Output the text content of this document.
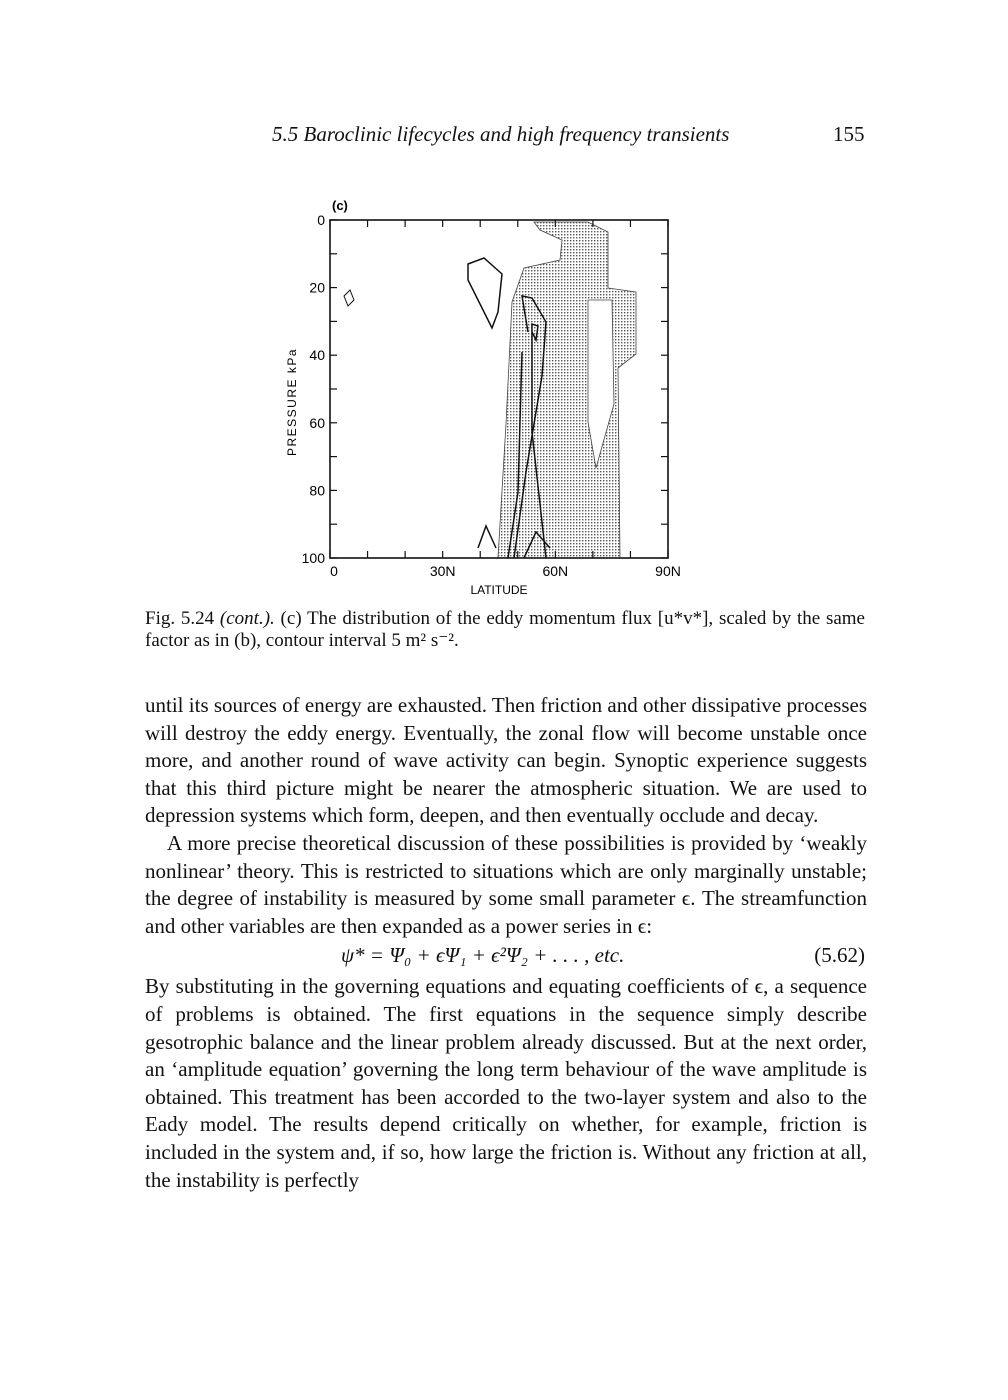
5.5 Baroclinic lifecycles and high frequency transients	155
(c)
0
20
40
60
80
100
0	30N	60N	90N
PRESSURE kPa
LATITUDE
Fig. 5.24 (cont.). (c) The distribution of the eddy momentum flux [u*v*], scaled by the same factor as in (b), contour interval 5 m² s⁻².

until its sources of energy are exhausted. Then friction and other dissipative processes will destroy the eddy energy. Eventually, the zonal flow will become unstable once more, and another round of wave activity can begin. Synoptic experience suggests that this third picture might be nearer the atmospheric situation. We are used to depression systems which form, deepen, and then eventually occlude and decay.

A more precise theoretical discussion of these possibilities is provided by ‘weakly nonlinear’ theory. This is restricted to situations which are only marginally unstable; the degree of instability is measured by some small parameter ϵ. The streamfunction and other variables are then expanded as a power series in ϵ:

ψ* = Ψ₀ + ϵΨ₁ + ϵ²Ψ₂ + . . . , etc.	(5.62)

By substituting in the governing equations and equating coefficients of ϵ, a sequence of problems is obtained. The first equations in the sequence simply describe gesotrophic balance and the linear problem already discussed. But at the next order, an ‘amplitude equation’ governing the long term behaviour of the wave amplitude is obtained. This treatment has been accorded to the two-layer system and also to the Eady model. The results depend critically on whether, for example, friction is included in the system and, if so, how large the friction is. Without any friction at all, the instability is perfectly
